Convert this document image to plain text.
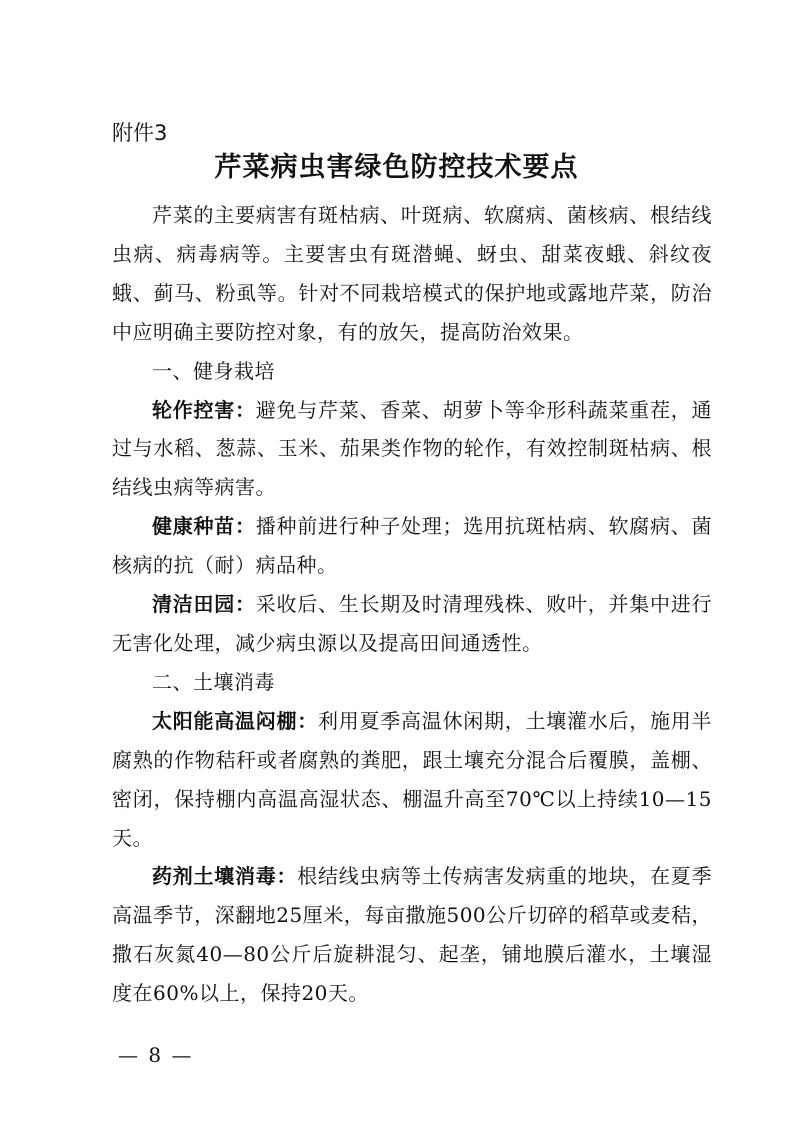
附件3

芹菜病虫害绿色防控技术要点

芹菜的主要病害有斑枯病、叶斑病、软腐病、菌核病、根结线虫病、病毒病等。主要害虫有斑潜蝇、蚜虫、甜菜夜蛾、斜纹夜蛾、蓟马、粉虱等。针对不同栽培模式的保护地或露地芹菜，防治中应明确主要防控对象，有的放矢，提高防治效果。

一、健身栽培

轮作控害：避免与芹菜、香菜、胡萝卜等伞形科蔬菜重茬，通过与水稻、葱蒜、玉米、茄果类作物的轮作，有效控制斑枯病、根结线虫病等病害。

健康种苗：播种前进行种子处理；选用抗斑枯病、软腐病、菌核病的抗（耐）病品种。

清洁田园：采收后、生长期及时清理残株、败叶，并集中进行无害化处理，减少病虫源以及提高田间通透性。

二、土壤消毒

太阳能高温闷棚：利用夏季高温休闲期，土壤灌水后，施用半腐熟的作物秸秆或者腐熟的粪肥，跟土壤充分混合后覆膜，盖棚、密闭，保持棚内高温高湿状态、棚温升高至70℃以上持续10—15天。

药剂土壤消毒：根结线虫病等土传病害发病重的地块，在夏季高温季节，深翻地25厘米，每亩撒施500公斤切碎的稻草或麦秸，撒石灰氮40—80公斤后旋耕混匀、起垄，铺地膜后灌水，土壤湿度在60%以上，保持20天。

— 8 —
